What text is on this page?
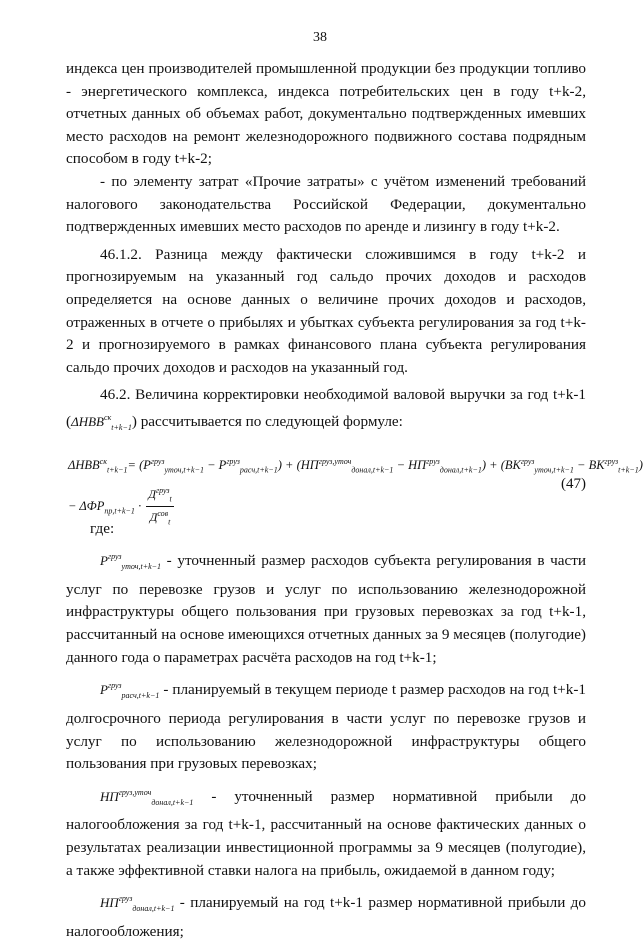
38

индекса цен производителей промышленной продукции без продукции топливо - энергетического комплекса, индекса потребительских цен в году t+k-2, отчетных данных об объемах работ, документально подтвержденных имевших место расходов на ремонт железнодорожного подвижного состава подрядным способом в году t+k-2;

- по элементу затрат «Прочие затраты» с учётом изменений требований налогового законодательства Российской Федерации, документально подтвержденных имевших место расходов по аренде и лизингу в году t+k-2.

46.1.2. Разница между фактически сложившимся в году t+k-2 и прогнозируемым на указанный год сальдо прочих доходов и расходов определяется на основе данных о величине прочих доходов и расходов, отраженных в отчете о прибылях и убытках субъекта регулирования за год t+k-2 и прогнозируемого в рамках финансового плана субъекта регулирования сальдо прочих доходов и расходов на указанный год.

46.2. Величина корректировки необходимой валовой выручки за год t+k-1 $(\Delta НВВ^{ск}_{t+k-1})$ рассчитывается по следующей формуле:

$\Delta НВВ^{ск}_{t+k-1}= (P^{груз}_{уточ,t+k-1} - P^{груз}_{расч,t+k-1}) + (НП^{груз,уточ}_{донал,t+k-1} - НП^{груз}_{донал,t+k-1}) + (ВК^{груз}_{уточ,t+k-1} - ВК^{груз}_{t+k-1})$
− $\Delta ФР_{пр,t+k-1} \cdot \frac{Д^{груз}_t}{Д^{сов}_t}$	(47)

где:

$P^{груз}_{уточ,t+k-1}$ - уточненный размер расходов субъекта регулирования в части услуг по перевозке грузов и услуг по использованию железнодорожной инфраструктуры общего пользования при грузовых перевозках за год t+k-1, рассчитанный на основе имеющихся отчетных данных за 9 месяцев (полугодие) данного года о параметрах расчёта расходов на год t+k-1;

$P^{груз}_{расч,t+k-1}$ - планируемый в текущем периоде t размер расходов на год t+k-1 долгосрочного периода регулирования в части услуг по перевозке грузов и услуг по использованию железнодорожной инфраструктуры общего пользования при грузовых перевозках;

$НП^{груз,уточ}_{донал,t+k-1}$ - уточненный размер нормативной прибыли до налогообложения за год t+k-1, рассчитанный на основе фактических данных о результатах реализации инвестиционной программы за 9 месяцев (полугодие), а также эффективной ставки налога на прибыль, ожидаемой в данном году;

$НП^{груз}_{донал,t+k-1}$ - планируемый на год t+k-1 размер нормативной прибыли до налогообложения;
